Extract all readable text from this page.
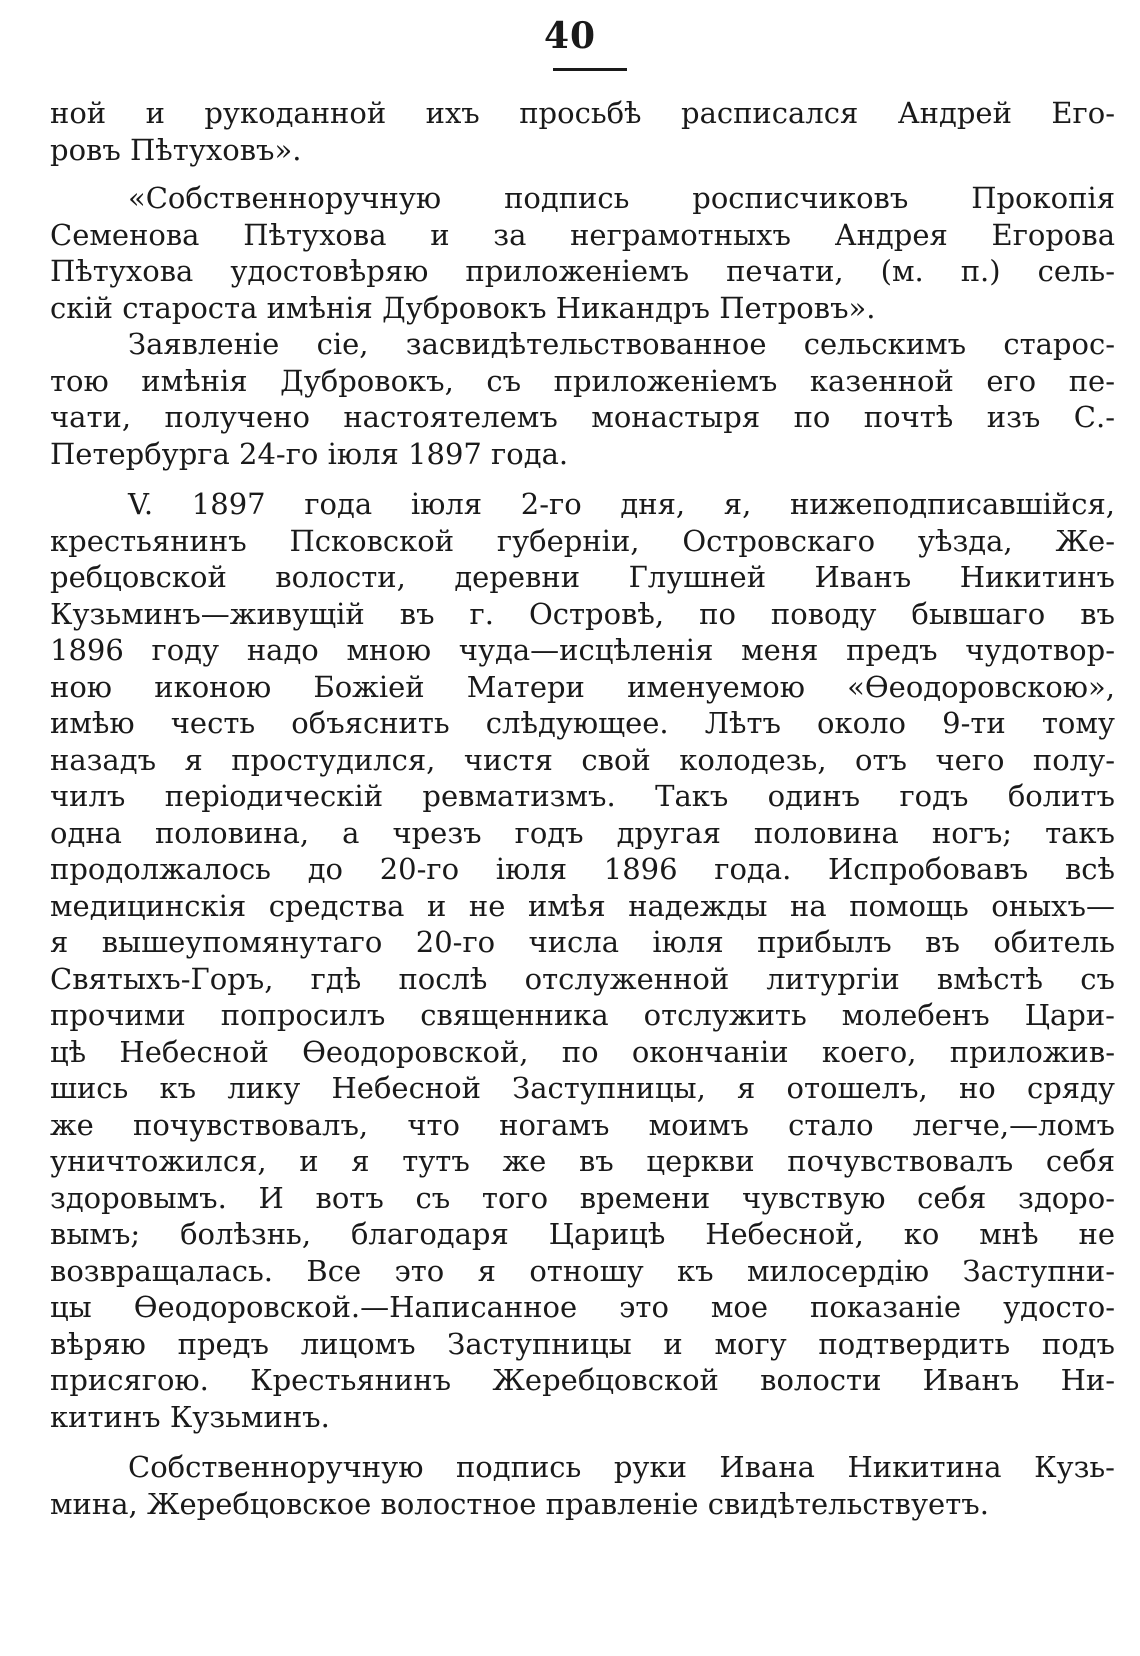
40
ной и рукоданной ихъ просьбѣ расписался Андрей Его-
ровъ Пѣтуховъ».
«Собственноручную подпись росписчиковъ Прокопія
Семенова Пѣтухова и за неграмотныхъ Андрея Егорова
Пѣтухова удостовѣряю приложеніемъ печати, (м. п.) сель-
скій староста имѣнія Дубровокъ Никандръ Петровъ».
Заявленіе сіе, засвидѣтельствованное сельскимъ старос-
тою имѣнія Дубровокъ, съ приложеніемъ казенной его пе-
чати, получено настоятелемъ монастыря по почтѣ изъ С.-
Петербурга 24-го іюля 1897 года.
V. 1897 года іюля 2-го дня, я, нижеподписавшійся,
крестьянинъ Псковской губерніи, Островскаго уѣзда, Же-
ребцовской волости, деревни Глушней Иванъ Никитинъ
Кузьминъ—живущій въ г. Островѣ, по поводу бывшаго въ
1896 году надо мною чуда—исцѣленія меня предъ чудотвор-
ною иконою Божіей Матери именуемою «Ѳеодоровскою»,
имѣю честь объяснить слѣдующее. Лѣтъ около 9-ти тому
назадъ я простудился, чистя свой колодезь, отъ чего полу-
чилъ періодическій ревматизмъ. Такъ одинъ годъ болитъ
одна половина, а чрезъ годъ другая половина ногъ; такъ
продолжалось до 20-го іюля 1896 года. Испробовавъ всѣ
медицинскія средства и не имѣя надежды на помощь оныхъ—
я вышеупомянутаго 20-го числа іюля прибылъ въ обитель
Святыхъ-Горъ, гдѣ послѣ отслуженной литургіи вмѣстѣ съ
прочими попросилъ священника отслужить молебенъ Цари-
цѣ Небесной Ѳеодоровской, по окончаніи коего, приложив-
шись къ лику Небесной Заступницы, я отошелъ, но сряду
же почувствовалъ, что ногамъ моимъ стало легче,—ломъ
уничтожился, и я тутъ же въ церкви почувствовалъ себя
здоровымъ. И вотъ съ того времени чувствую себя здоро-
вымъ; болѣзнь, благодаря Царицѣ Небесной, ко мнѣ не
возвращалась. Все это я отношу къ милосердію Заступни-
цы Ѳеодоровской.—Написанное это мое показаніе удосто-
вѣряю предъ лицомъ Заступницы и могу подтвердить подъ
присягою. Крестьянинъ Жеребцовской волости Иванъ Ни-
китинъ Кузьминъ.
Собственноручную подпись руки Ивана Никитина Кузь-
мина, Жеребцовское волостное правленіе свидѣтельствуетъ.
